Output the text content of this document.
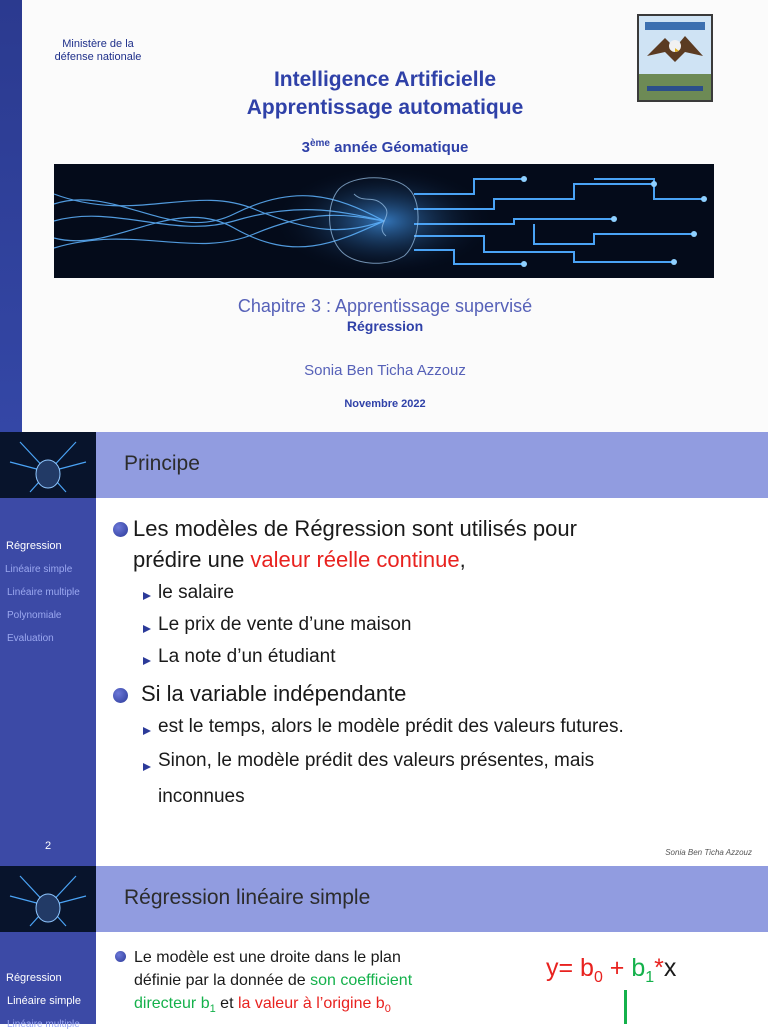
Ministère de la défense nationale
Intelligence Artificielle
Apprentissage automatique
3ème année Géomatique
Chapitre 3 : Apprentissage supervisé
Régression
Sonia Ben Ticha Azzouz
Novembre 2022
Principe
Régression
Linéaire simple
Linéaire multiple
Polynomiale
Evaluation
Les modèles de Régression sont utilisés pour
prédire une valeur réelle continue,
le salaire
Le prix de vente d’une maison
La note d’un étudiant
Si la variable indépendante
est le temps, alors le modèle prédit des valeurs futures.
Sinon, le modèle prédit des valeurs présentes, mais
inconnues
2
Sonia Ben Ticha Azzouz
Régression linéaire simple
Régression
Linéaire simple
Linéaire multiple
Le modèle est une droite dans le plan
définie par la donnée de son coefficient
directeur $b_1$ et la valeur à l’origine $b_0$
$y= b_0 + b_1*x$
